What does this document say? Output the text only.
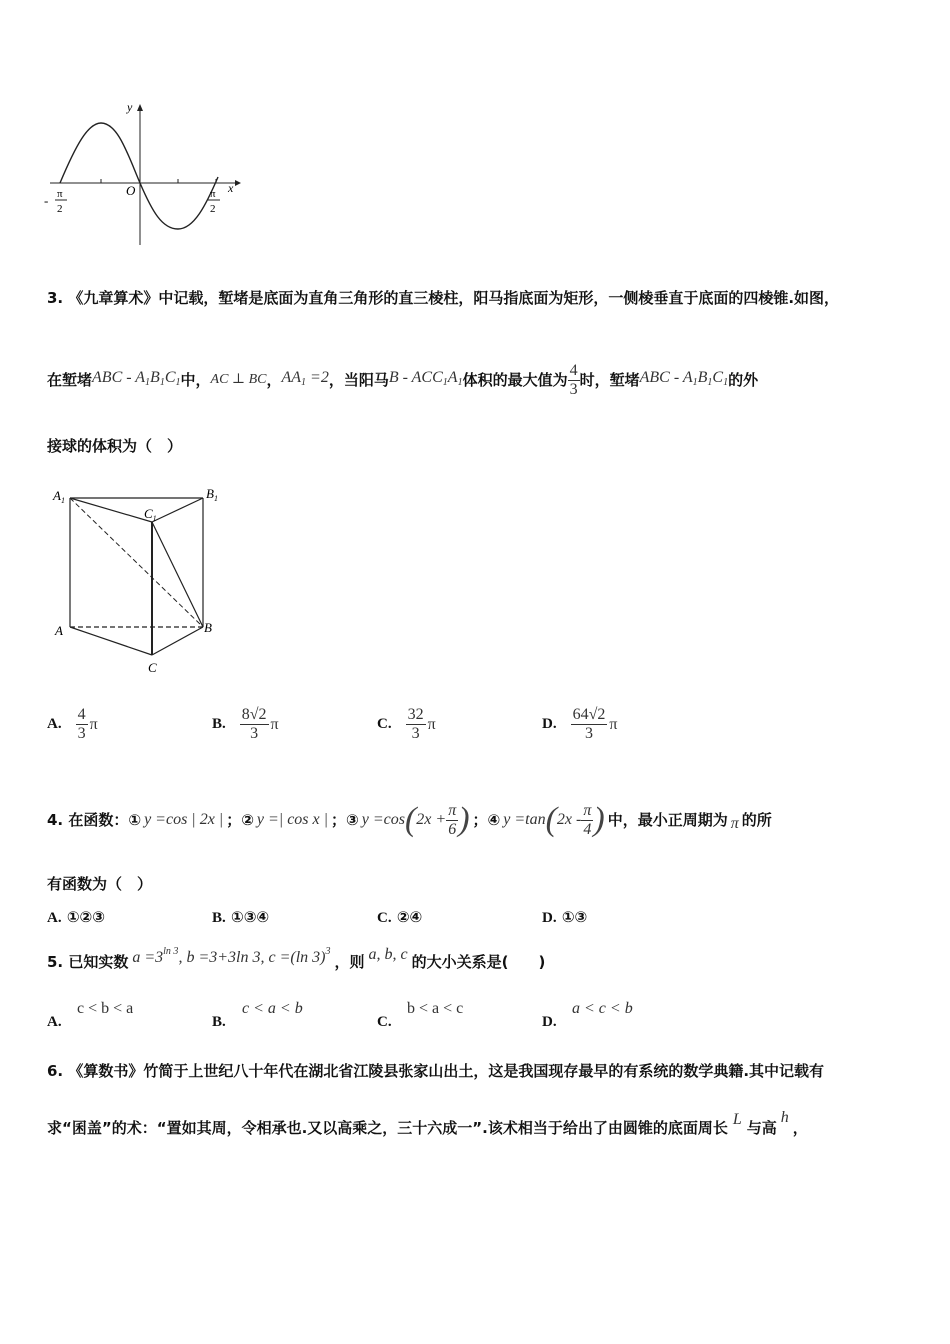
y
x
O
- π
2
π
2
3. 《九章算术》中记载，堑堵是底面为直角三角形的直三棱柱，阳马指底面为矩形，一侧棱垂直于底面的四棱锥.如图，
在堑堵 ABC - $A_1B_1C_1$ 中， AC ⊥ BC ， $AA_1 =2$ ，当阳马 B - $ACC_1A_1$ 体积的最大值为 $\frac{4}{3}$ 时，堑堵 ABC - $A_1B_1C_1$ 的外
接球的体积为（　）
$A_1$	$B_1$
$C_1$
A	B
C
A. $\frac{4}{3}$ π	B. $\frac{8√2}{3}$ π	C. $\frac{32}{3}$ π	D. $\frac{64√2}{3}$ π
4. 在函数：① y =cos | 2x | ；② y =| cos x | ；③ y =cos ( $2x + \frac{\pi}{6}$ ) ；④ y =tan ( $2x - \frac{\pi}{4}$ ) 中，最小正周期为 π 的所
有函数为（　）
A. ①②③	B. ①③④	C. ②④	D. ①③
5. 已知实数 $a =3^{ln 3}$, b =3+3ln 3, c =(ln 3)$^3$
，则 a, b, c 的大小关系是(　　)
A.
c < b < a
B.
c < a < b
C.
b < a < c
D.
a < c < b
6. 《算数书》竹简于上世纪八十年代在湖北省江陵县张家山出土，这是我国现存最早的有系统的数学典籍.其中记载有
求“囷盖”的术：“置如其周，令相承也.又以高乘之，三十六成一”.该术相当于给出了由圆锥的底面周长 L 与高
h
，
